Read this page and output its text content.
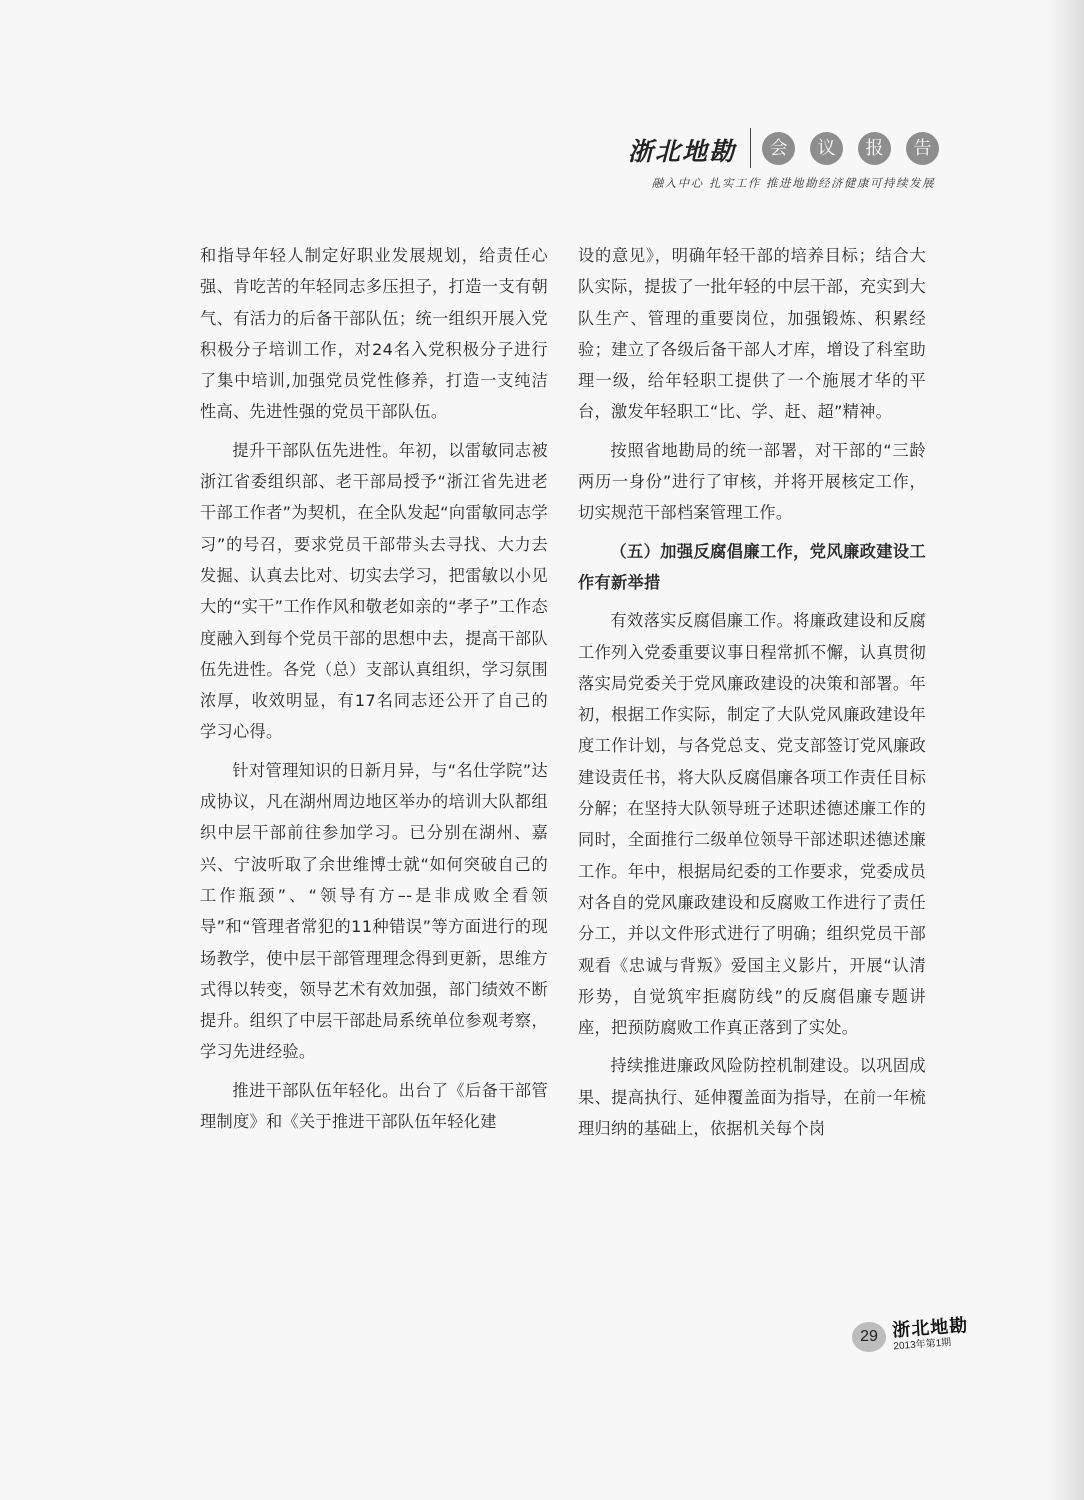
浙北地勘	会	议	报	告
融入中心 扎实工作 推进地勘经济健康可持续发展

和指导年轻人制定好职业发展规划，给责任心强、肯吃苦的年轻同志多压担子，打造一支有朝气、有活力的后备干部队伍；统一组织开展入党积极分子培训工作，对24名入党积极分子进行了集中培训,加强党员党性修养，打造一支纯洁性高、先进性强的党员干部队伍。

提升干部队伍先进性。年初，以雷敏同志被浙江省委组织部、老干部局授予“浙江省先进老干部工作者”为契机，在全队发起“向雷敏同志学习”的号召，要求党员干部带头去寻找、大力去发掘、认真去比对、切实去学习，把雷敏以小见大的“实干”工作作风和敬老如亲的“孝子”工作态度融入到每个党员干部的思想中去，提高干部队伍先进性。各党（总）支部认真组织，学习氛围浓厚，收效明显，有17名同志还公开了自己的学习心得。

针对管理知识的日新月异，与“名仕学院”达成协议，凡在湖州周边地区举办的培训大队都组织中层干部前往参加学习。已分别在湖州、嘉兴、宁波听取了余世维博士就“如何突破自己的工作瓶颈”、“领导有方–-是非成败全看领导”和“管理者常犯的11种错误”等方面进行的现场教学，使中层干部管理理念得到更新，思维方式得以转变，领导艺术有效加强，部门绩效不断提升。组织了中层干部赴局系统单位参观考察，学习先进经验。

推进干部队伍年轻化。出台了《后备干部管理制度》和《关于推进干部队伍年轻化建

设的意见》，明确年轻干部的培养目标；结合大队实际，提拔了一批年轻的中层干部，充实到大队生产、管理的重要岗位，加强锻炼、积累经验；建立了各级后备干部人才库，增设了科室助理一级，给年轻职工提供了一个施展才华的平台，激发年轻职工“比、学、赶、超”精神。

按照省地勘局的统一部署，对干部的“三龄两历一身份”进行了审核，并将开展核定工作，切实规范干部档案管理工作。

（五）加强反腐倡廉工作，党风廉政建设工作有新举措

有效落实反腐倡廉工作。将廉政建设和反腐工作列入党委重要议事日程常抓不懈，认真贯彻落实局党委关于党风廉政建设的决策和部署。年初，根据工作实际，制定了大队党风廉政建设年度工作计划，与各党总支、党支部签订党风廉政建设责任书，将大队反腐倡廉各项工作责任目标分解；在坚持大队领导班子述职述德述廉工作的同时，全面推行二级单位领导干部述职述德述廉工作。年中，根据局纪委的工作要求，党委成员对各自的党风廉政建设和反腐败工作进行了责任分工，并以文件形式进行了明确；组织党员干部观看《忠诚与背叛》爱国主义影片，开展“认清形势，自觉筑牢拒腐防线”的反腐倡廉专题讲座，把预防腐败工作真正落到了实处。

持续推进廉政风险防控机制建设。以巩固成果、提高执行、延伸覆盖面为指导，在前一年梳理归纳的基础上，依据机关每个岗

29 浙北地勘
2013年第1期
